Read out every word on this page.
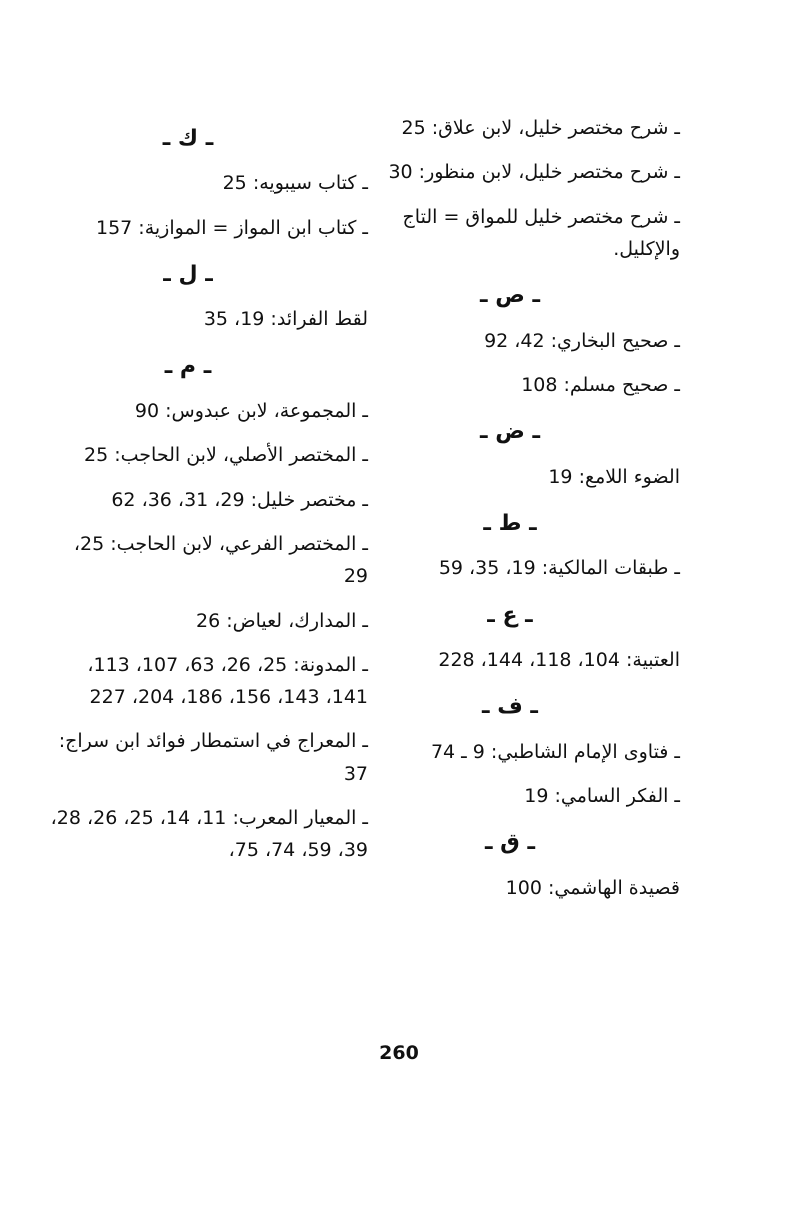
ـ شرح مختصر خليل، لابن علاق: 25
ـ شرح مختصر خليل، لابن منظور: 30
ـ شرح مختصر خليل للمواق = التاج والإكليل.
ـ ص ـ
ـ صحيح البخاري: 42، 92
ـ صحيح مسلم: 108
ـ ض ـ
الضوء اللامع: 19
ـ ط ـ
ـ طبقات المالكية: 19، 35، 59
ـ ع ـ
العتبية: 104، 118، 144، 228
ـ ف ـ
ـ فتاوى الإمام الشاطبي: 9 ـ 74
ـ الفكر السامي: 19
ـ ق ـ
قصيدة الهاشمي: 100
ـ ك ـ
ـ كتاب سيبويه: 25
ـ كتاب ابن المواز = الموازية: 157
ـ ل ـ
لقط الفرائد: 19، 35
ـ م ـ
ـ المجموعة، لابن عبدوس: 90
ـ المختصر الأصلي، لابن الحاجب: 25
ـ مختصر خليل: 29، 31، 36، 62
ـ المختصر الفرعي، لابن الحاجب: 25، 29
ـ المدارك، لعياض: 26
ـ المدونة: 25، 26، 63، 107، 113، 141، 143، 156، 186، 204، 227
ـ المعراج في استمطار فوائد ابن سراج: 37
ـ المعيار المعرب: 11، 14، 25، 26، 28، 39، 59، 74، 75،
260
